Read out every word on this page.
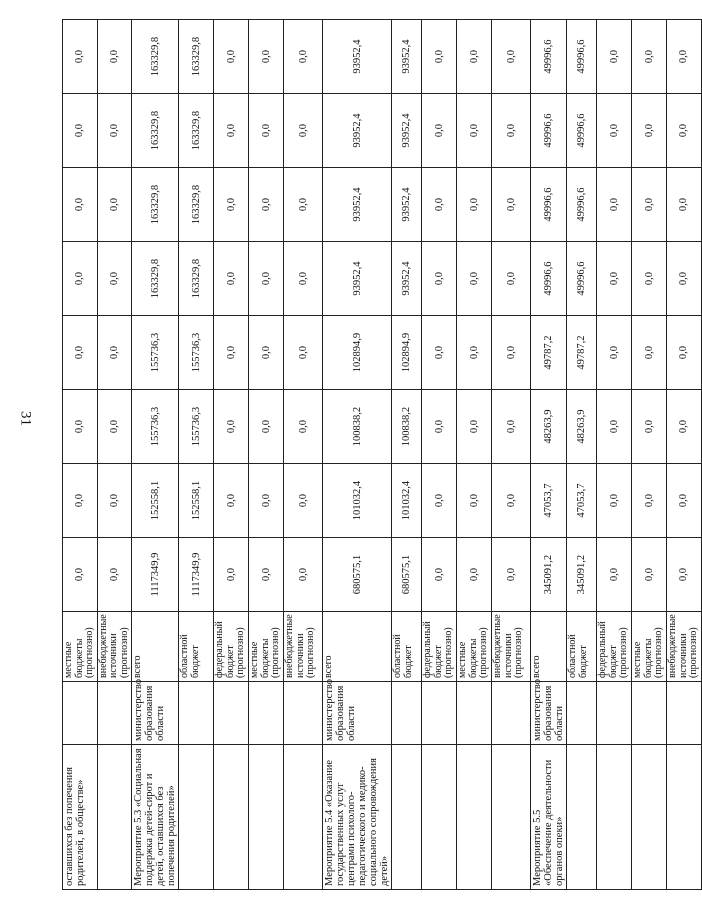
31
оставшихся без попечения родителей, в обществе»		местные бюджеты (прогнозно)	0,0	0,0	0,0	0,0	0,0	0,0	0,0	0,0
		внебюджетные источники (прогнозно)	0,0	0,0	0,0	0,0	0,0	0,0	0,0	0,0
Мероприятие 5.3 «Социальная поддержка детей-сирот и детей, оставшихся без попечения родителей»	министерство образования области	всего	1117349,9	152558,1	155736,3	155736,3	163329,8	163329,8	163329,8	163329,8
		областной бюджет	1117349,9	152558,1	155736,3	155736,3	163329,8	163329,8	163329,8	163329,8
		федеральный бюджет (прогнозно)	0,0	0,0	0,0	0,0	0,0	0,0	0,0	0,0
		местные бюджеты (прогнозно)	0,0	0,0	0,0	0,0	0,0	0,0	0,0	0,0
		внебюджетные источники (прогнозно)	0,0	0,0	0,0	0,0	0,0	0,0	0,0	0,0
Мероприятие 5.4 «Оказание государственных услуг центрами психолого-педагогического и медико-социального сопровождения детей»	министерство образования области	всего	680575,1	101032,4	100838,2	102894,9	93952,4	93952,4	93952,4	93952,4
		областной бюджет	680575,1	101032,4	100838,2	102894,9	93952,4	93952,4	93952,4	93952,4
		федеральный бюджет (прогнозно)	0,0	0,0	0,0	0,0	0,0	0,0	0,0	0,0
		местные бюджеты (прогнозно)	0,0	0,0	0,0	0,0	0,0	0,0	0,0	0,0
		внебюджетные источники (прогнозно)	0,0	0,0	0,0	0,0	0,0	0,0	0,0	0,0
Мероприятие 5.5 «Обеспечение деятельности органов опеки»	министерство образования области	всего	345091,2	47053,7	48263,9	49787,2	49996,6	49996,6	49996,6	49996,6
		областной бюджет	345091,2	47053,7	48263,9	49787,2	49996,6	49996,6	49996,6	49996,6
		федеральный бюджет (прогнозно)	0,0	0,0	0,0	0,0	0,0	0,0	0,0	0,0
		местные бюджеты (прогнозно)	0,0	0,0	0,0	0,0	0,0	0,0	0,0	0,0
		внебюджетные источники (прогнозно)	0,0	0,0	0,0	0,0	0,0	0,0	0,0	0,0
